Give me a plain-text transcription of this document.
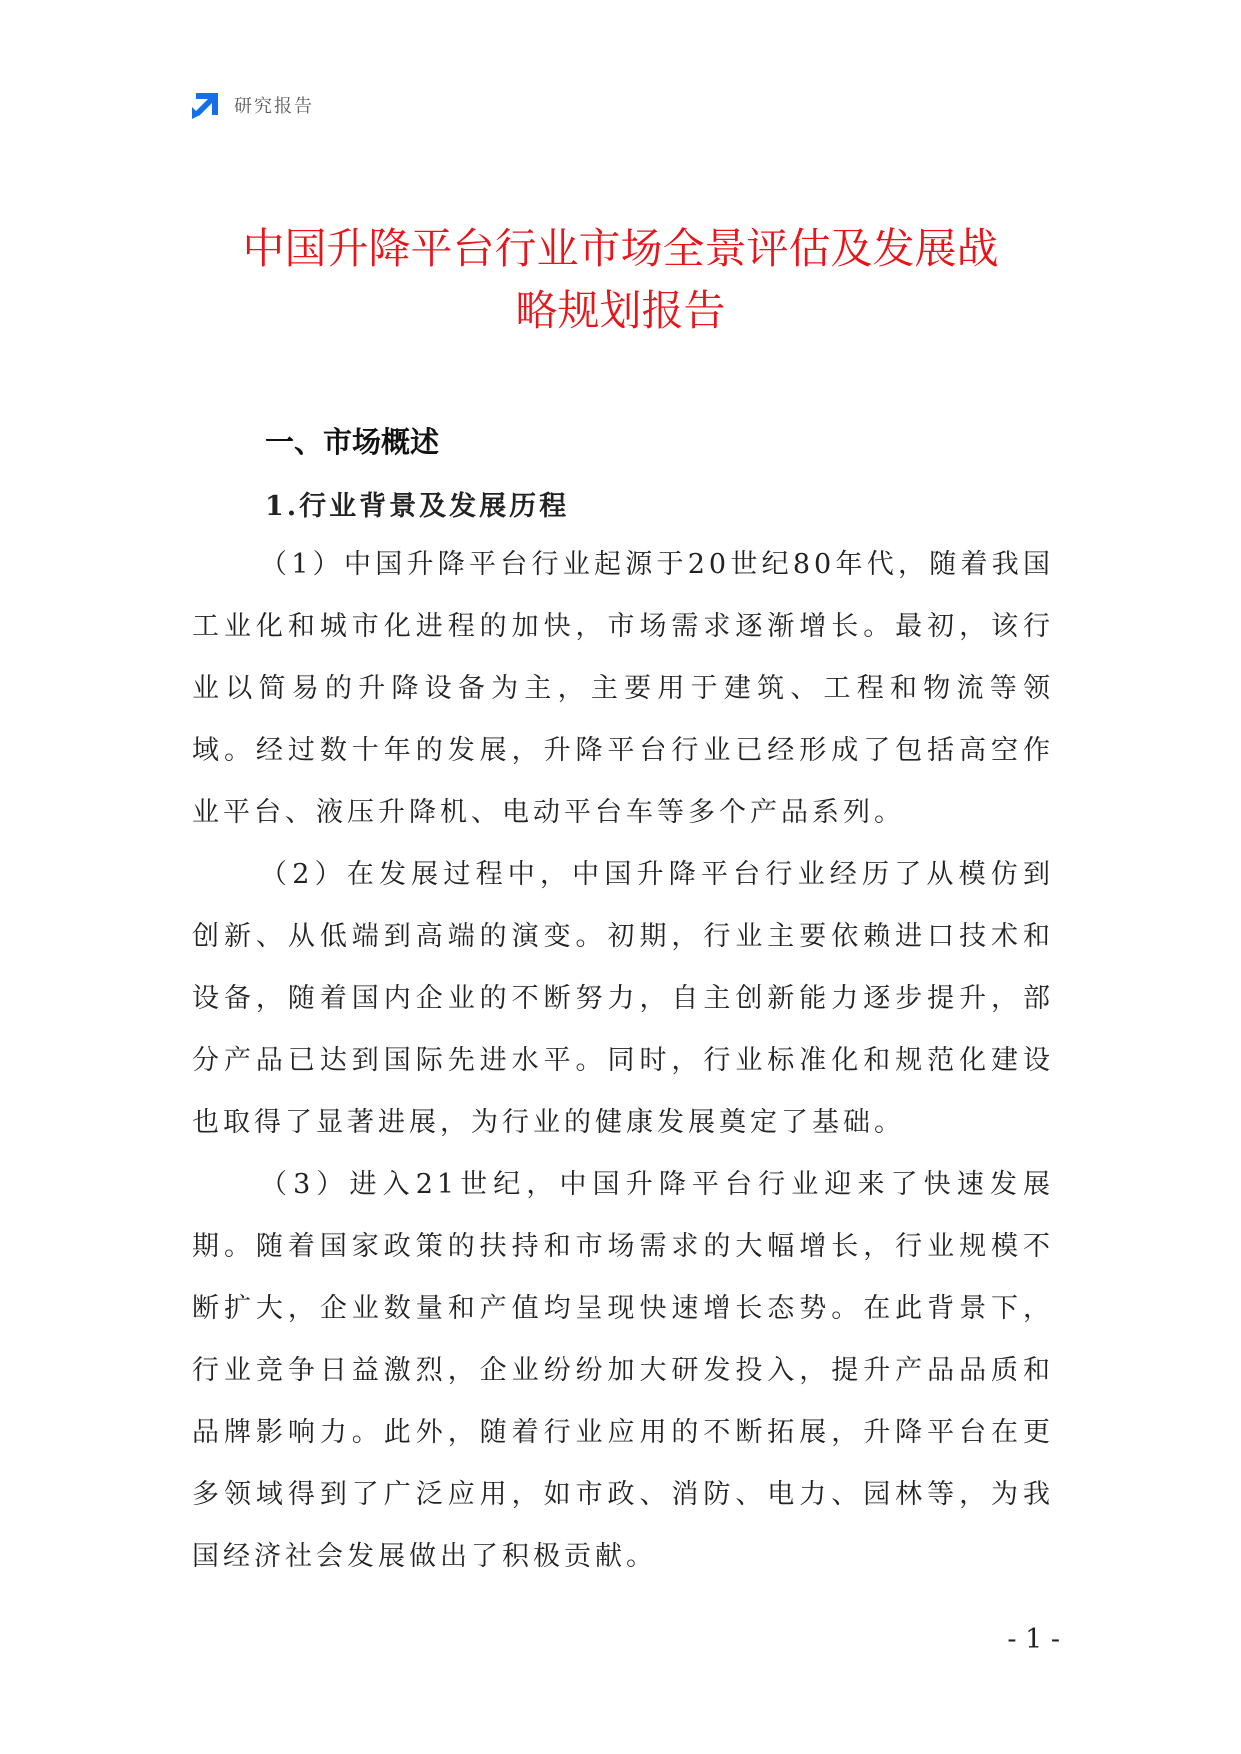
研究报告
中国升降平台行业市场全景评估及发展战
略规划报告
一、市场概述
1.行业背景及发展历程

（1）中国升降平台行业起源于20世纪80年代，随着我国工业化和城市化进程的加快，市场需求逐渐增长。最初，该行业以简易的升降设备为主，主要用于建筑、工程和物流等领域。经过数十年的发展，升降平台行业已经形成了包括高空作业平台、液压升降机、电动平台车等多个产品系列。

（2）在发展过程中，中国升降平台行业经历了从模仿到创新、从低端到高端的演变。初期，行业主要依赖进口技术和设备，随着国内企业的不断努力，自主创新能力逐步提升，部分产品已达到国际先进水平。同时，行业标准化和规范化建设也取得了显著进展，为行业的健康发展奠定了基础。

（3）进入21世纪，中国升降平台行业迎来了快速发展期。随着国家政策的扶持和市场需求的大幅增长，行业规模不断扩大，企业数量和产值均呈现快速增长态势。在此背景下，行业竞争日益激烈，企业纷纷加大研发投入，提升产品品质和品牌影响力。此外，随着行业应用的不断拓展，升降平台在更多领域得到了广泛应用，如市政、消防、电力、园林等，为我国经济社会发展做出了积极贡献。

- 1 -
